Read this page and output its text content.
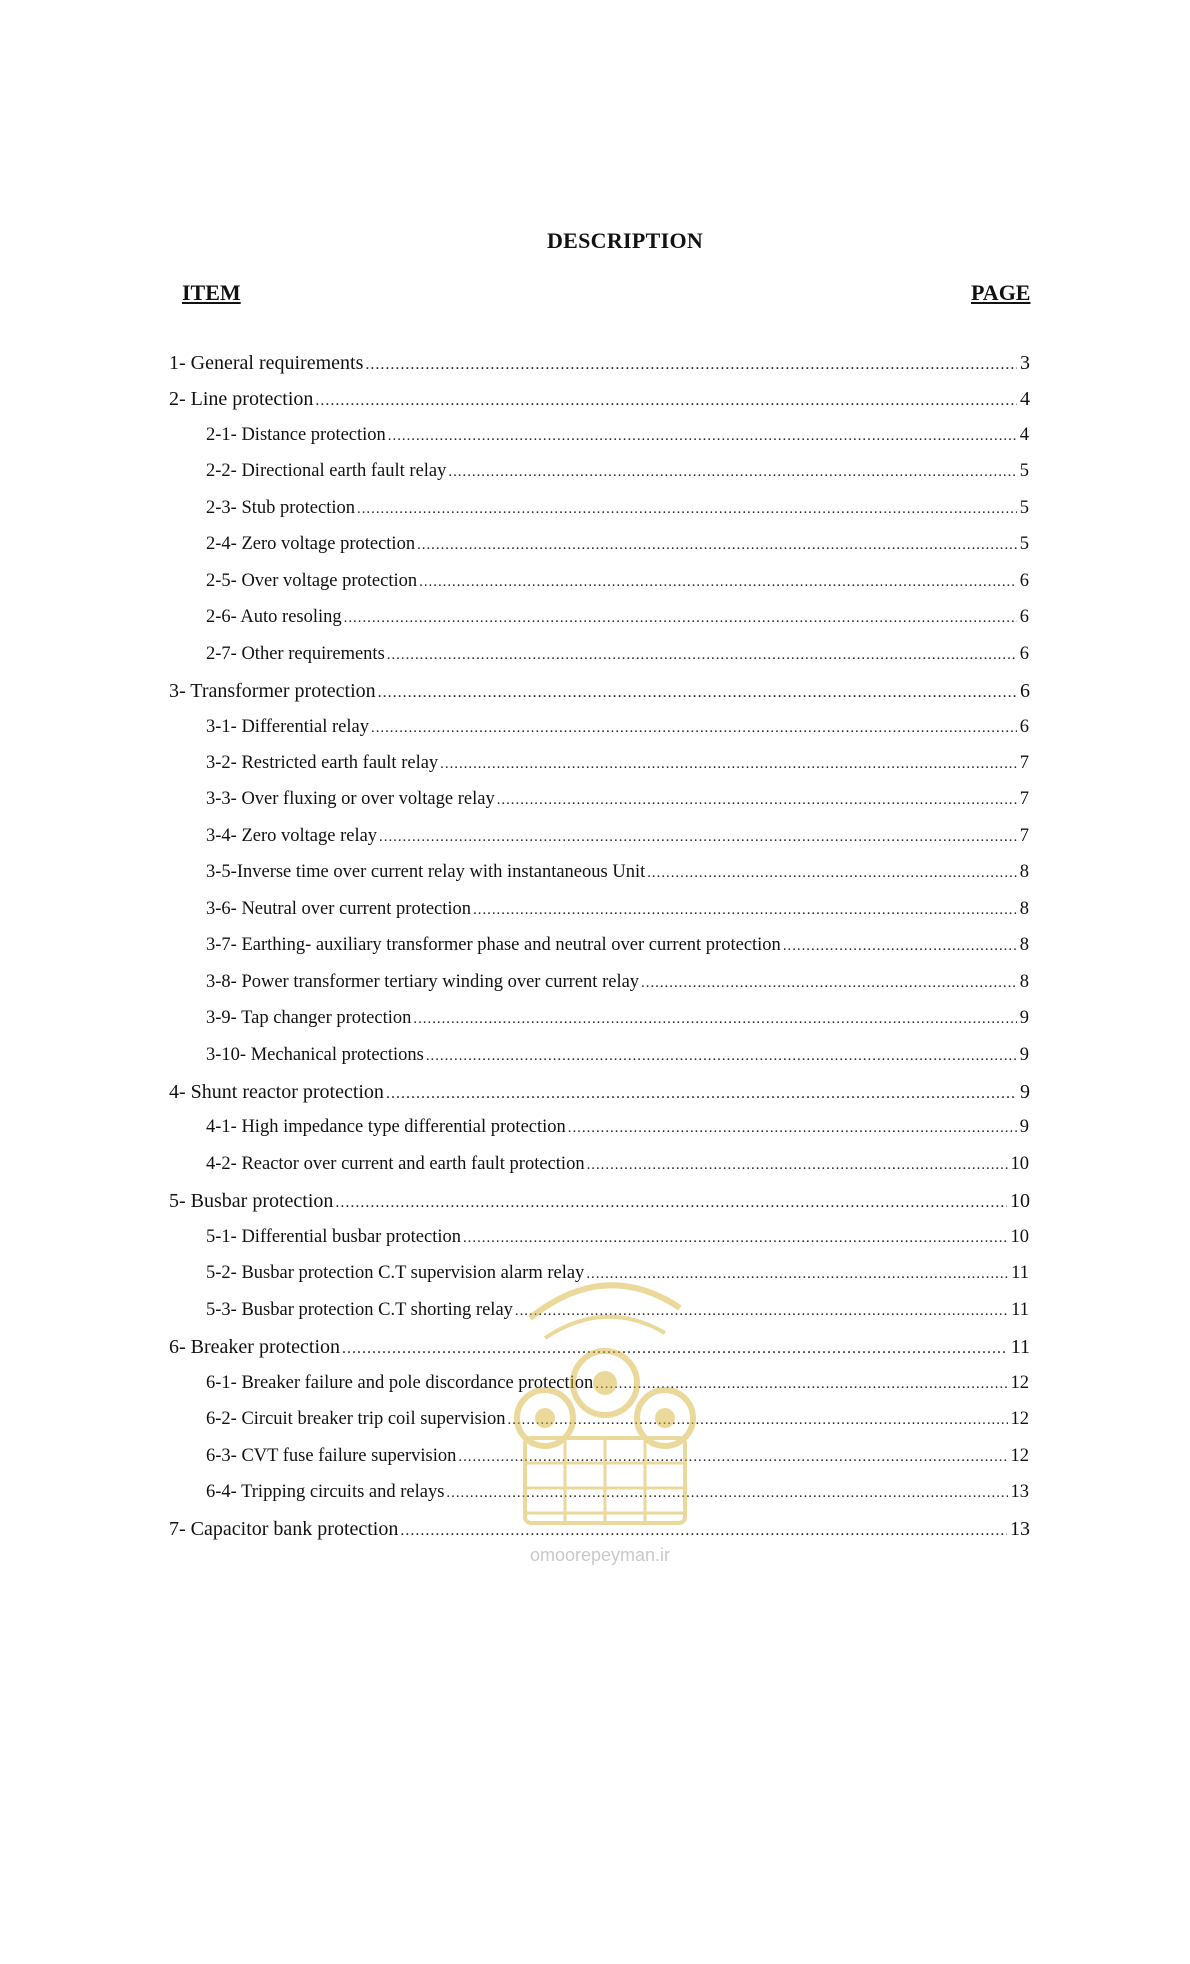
DESCRIPTION
ITEM	PAGE
1- General requirements .....	3
2- Line protection .....	4
2-1- Distance protection .....	4
2-2- Directional earth fault relay .....	5
2-3- Stub protection .....	5
2-4- Zero voltage protection .....	5
2-5- Over voltage protection .....	6
2-6- Auto resoling .....	6
2-7- Other requirements .....	6
3- Transformer protection .....	6
3-1- Differential relay .....	6
3-2- Restricted earth fault relay .....	7
3-3- Over fluxing or over voltage relay .....	7
3-4- Zero voltage relay .....	7
3-5-Inverse time over current relay with instantaneous Unit .....	8
3-6- Neutral over current protection .....	8
3-7- Earthing- auxiliary transformer phase and neutral over current protection .....	8
3-8- Power transformer tertiary winding over current relay .....	8
3-9- Tap changer protection .....	9
3-10- Mechanical protections .....	9
4- Shunt reactor protection .....	9
4-1- High impedance type differential protection .....	9
4-2- Reactor over current and earth fault protection .....	10
5- Busbar protection .....	10
5-1- Differential busbar protection .....	10
5-2- Busbar protection C.T supervision alarm relay .....	11
5-3- Busbar protection C.T shorting relay .....	11
6- Breaker protection .....	11
6-1- Breaker failure and pole discordance protection .....	12
6-2- Circuit breaker trip coil supervision .....	12
6-3- CVT fuse failure supervision .....	12
6-4- Tripping circuits and relays .....	13
7- Capacitor bank protection .....	13
omoorepeyman.ir
